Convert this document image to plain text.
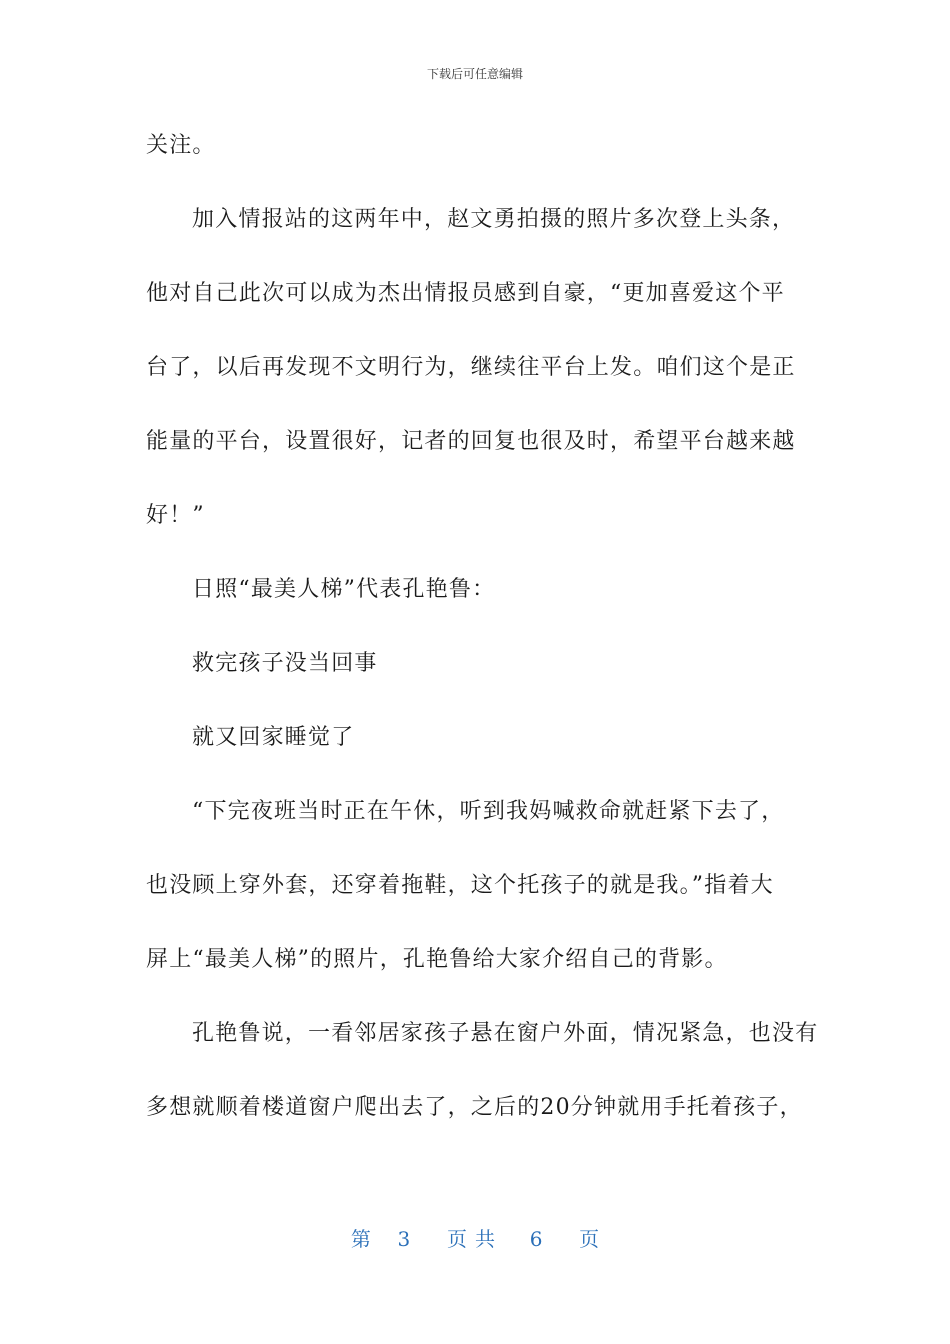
下载后可任意编辑
关注。
加入情报站的这两年中，赵文勇拍摄的照片多次登上头条，
他对自己此次可以成为杰出情报员感到自豪，“更加喜爱这个平
台了，以后再发现不文明行为，继续往平台上发。咱们这个是正
能量的平台，设置很好，记者的回复也很及时，希望平台越来越
好！”
日照“最美人梯”代表孔艳鲁：
救完孩子没当回事
就又回家睡觉了
“下完夜班当时正在午休，听到我妈喊救命就赶紧下去了，
也没顾上穿外套，还穿着拖鞋，这个托孩子的就是我。”指着大
屏上“最美人梯”的照片，孔艳鲁给大家介绍自己的背影。
孔艳鲁说，一看邻居家孩子悬在窗户外面，情况紧急，也没有
多想就顺着楼道窗户爬出去了，之后的20分钟就用手托着孩子，
第 3 页共 6 页
